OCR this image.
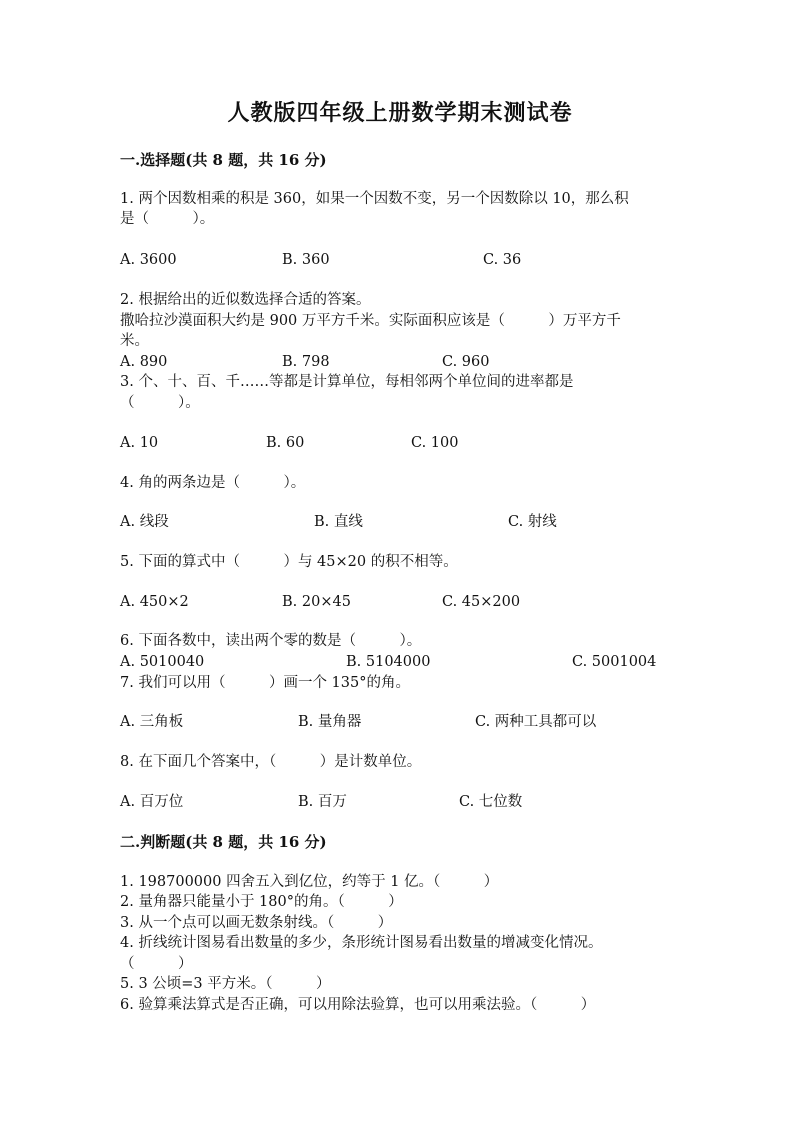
人教版四年级上册数学期末测试卷
一.选择题(共 8 题，共 16 分)
1. 两个因数相乘的积是 360，如果一个因数不变，另一个因数除以 10，那么积
是（　　　）。
A. 3600	B. 360	C. 36
2. 根据给出的近似数选择合适的答案。
撒哈拉沙漠面积大约是 900 万平方千米。实际面积应该是（　　　）万平方千
米。
A. 890	B. 798	C. 960
3. 个、十、百、千……等都是计算单位，每相邻两个单位间的进率都是
（　　　）。
A. 10	B. 60	C. 100
4. 角的两条边是（　　　）。
A. 线段	B. 直线	C. 射线
5. 下面的算式中（　　　）与 45×20 的积不相等。
A. 450×2	B. 20×45	C. 45×200
6. 下面各数中，读出两个零的数是（　　　）。
A. 5010040	B. 5104000	C. 5001004
7. 我们可以用（　　　）画一个 135°的角。
A. 三角板	B. 量角器	C. 两种工具都可以
8. 在下面几个答案中，（　　　）是计数单位。
A. 百万位	B. 百万	C. 七位数
二.判断题(共 8 题，共 16 分)
1. 198700000 四舍五入到亿位，约等于 1 亿。（　　　）
2. 量角器只能量小于 180°的角。（　　　）
3. 从一个点可以画无数条射线。（　　　）
4. 折线统计图易看出数量的多少，条形统计图易看出数量的增减变化情况。
（　　　）
5. 3 公顷=3 平方米。（　　　）
6. 验算乘法算式是否正确，可以用除法验算，也可以用乘法验。（　　　）
